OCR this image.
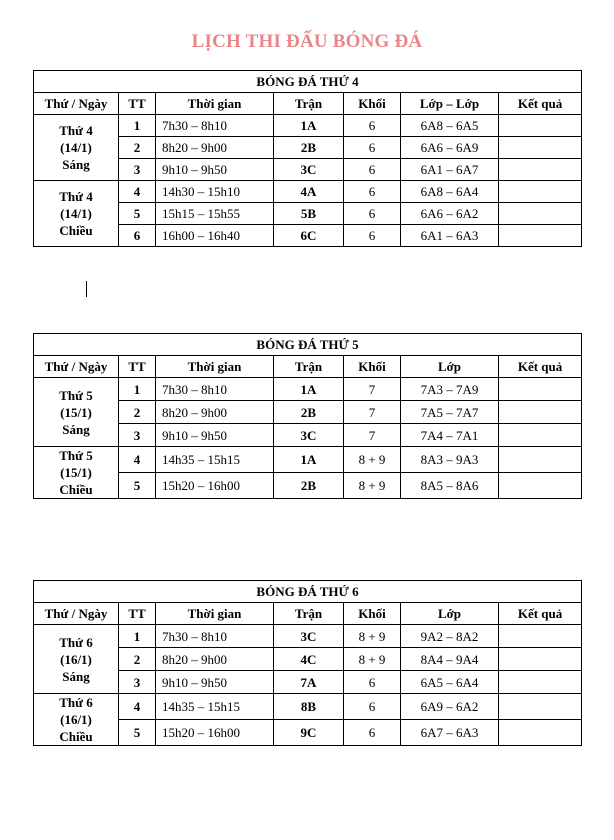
LỊCH THI ĐẤU BÓNG ĐÁ
BÓNG ĐÁ THỨ 4						
Thứ / Ngày	TT	Thời gian	Trận	Khối	Lớp – Lớp	Kết quả

Thứ 4
(14/1)
Sáng	1	7h30 – 8h10	1A	6	6A8 – 6A5	
	2	8h20 – 9h00	2B	6	6A6 – 6A9	
	3	9h10 – 9h50	3C	6	6A1 – 6A7	

Thứ 4
(14/1)
Chiều	4	14h30 – 15h10	4A	6	6A8 – 6A4	
	5	15h15 – 15h55	5B	6	6A6 – 6A2	
	6	16h00 – 16h40	6C	6	6A1 – 6A3	
BÓNG ĐÁ THỨ 5						
Thứ / Ngày	TT	Thời gian	Trận	Khối	Lớp	Kết quả

Thứ 5
(15/1)
Sáng	1	7h30 – 8h10	1A	7	7A3 – 7A9	
	2	8h20 – 9h00	2B	7	7A5 – 7A7	
	3	9h10 – 9h50	3C	7	7A4 – 7A1	

Thứ 5
(15/1)
Chiều	4	14h35 – 15h15	1A	8 + 9	8A3 – 9A3	
	5	15h20 – 16h00	2B	8 + 9	8A5 – 8A6	
BÓNG ĐÁ THỨ 6						
Thứ / Ngày	TT	Thời gian	Trận	Khối	Lớp	Kết quả

Thứ 6
(16/1)
Sáng	1	7h30 – 8h10	3C	8 + 9	9A2 – 8A2	
	2	8h20 – 9h00	4C	8 + 9	8A4 – 9A4	
	3	9h10 – 9h50	7A	6	6A5 – 6A4	

Thứ 6
(16/1)
Chiều	4	14h35 – 15h15	8B	6	6A9 – 6A2	
	5	15h20 – 16h00	9C	6	6A7 – 6A3	
